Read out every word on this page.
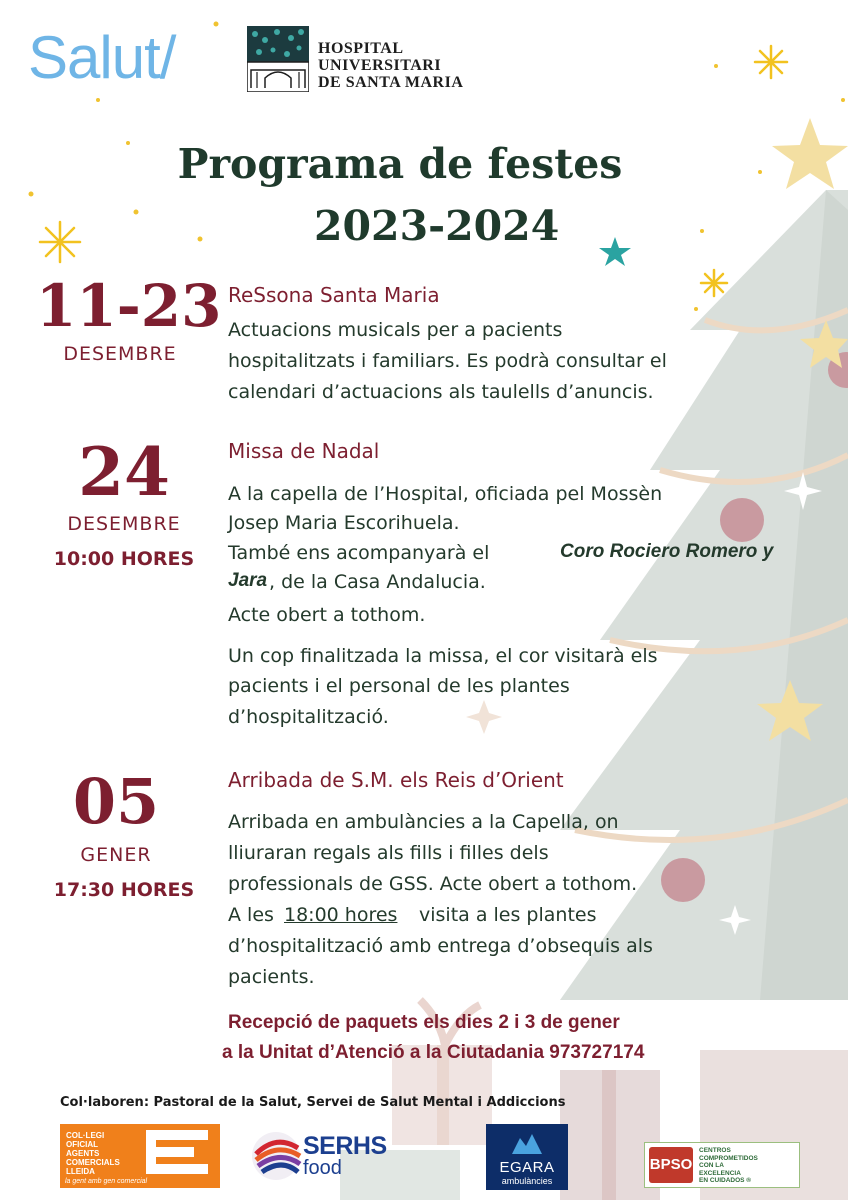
Salut/	HOSPITAL
UNIVERSITARI
DE SANTA MARIA
Programa de festes
2023-2024
11-23
DESEMBRE
ReSsona Santa Maria
Actuacions musicals per a pacients
hospitalitzats i familiars. Es podrà consultar el
calendari d’actuacions als taulells d’anuncis.
24
DESEMBRE
10:00 HORES
Missa de Nadal
A la capella de l’Hospital, oficiada pel Mossèn
Josep Maria Escorihuela.
També ens acompanyarà el	Coro Rociero Romero y
Jara , de la Casa Andalucia.
Acte obert a tothom.
Un cop finalitzada la missa, el cor visitarà els
pacients i el personal de les plantes
d’hospitalització.
05
GENER
17:30 HORES
Arribada de S.M. els Reis d’Orient
Arribada en ambulàncies a la Capella, on
lliuraran regals als fills i filles dels
professionals de GSS. Acte obert a tothom.
A les 18:00 hores visita a les plantes
d’hospitalització amb entrega d’obsequis als
pacients.
Recepció de paquets els dies 2 i 3 de gener
a la Unitat d’Atenció a la Ciutadania 973727174
Col·laboren: Pastoral de la Salut, Servei de Salut Mental i Addiccions
COL·LEGI
OFICIAL
AGENTS
COMERCIALS
LLEIDA
la gent amb gen comercial
SERHS
food	EGARA
ambulàncies
BPSO
CENTROS
COMPROMETIDOS
CON LA
EXCELENCIA
EN CUIDADOS ®
